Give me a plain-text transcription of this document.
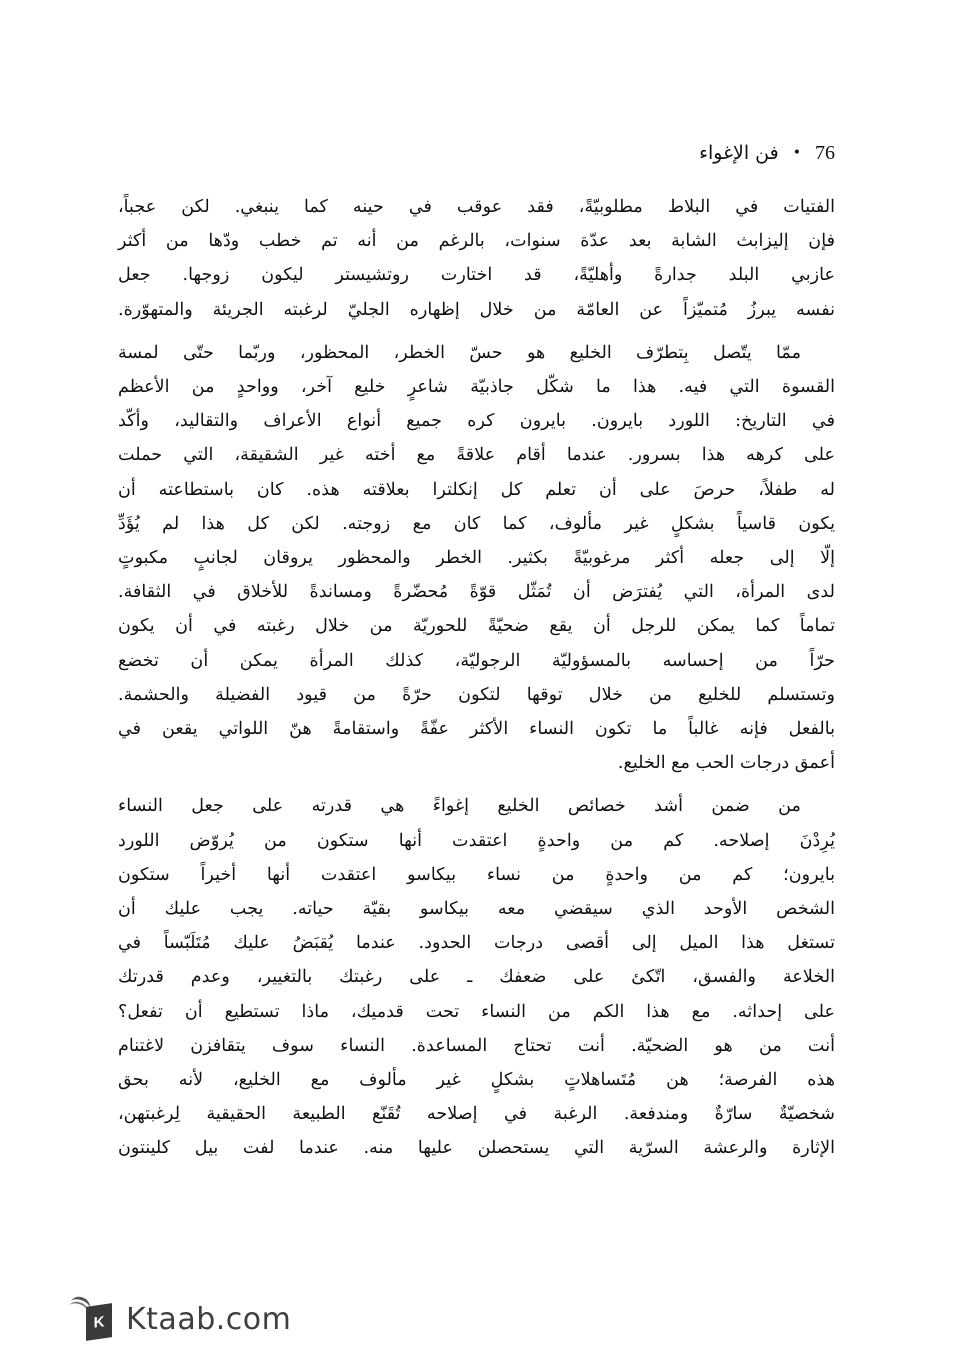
76
•
فن الإغواء

الفتيات في البلاط مطلوبيّةً، فقد عوقب في حينه كما ينبغي. لكن عجباً،
فإن إليزابث الشابة بعد عدّة سنوات، بالرغم من أنه تم خطب ودّها من أكثر
عازبي البلد جدارةً وأهليّةً، قد اختارت روتشيستر ليكون زوجها. جعل
نفسه يبرزُ مُتميّزاً عن العامّة من خلال إظهاره الجليّ لرغبته الجريئة والمتهوّرة.

ممّا يتّصل بِتطرّف الخليع هو حسّ الخطر، المحظور، وربّما حتّى لمسة
القسوة التي فيه. هذا ما شكّل جاذبيّة شاعرٍ خليع آخر، وواحدٍ من الأعظم
في التاريخ: اللورد بايرون. بايرون كره جميع أنواع الأعراف والتقاليد، وأكّد
على كرهه هذا بسرور. عندما أقام علاقةً مع أخته غير الشقيقة، التي حملت
له طفلاً، حرصَ على أن تعلم كل إنكلترا بعلاقته هذه. كان باستطاعته أن
يكون قاسياً بشكلٍ غير مألوف، كما كان مع زوجته. لكن كل هذا لم يُؤَدِّ
إلّا إلى جعله أكثر مرغوبيّةً بكثير. الخطر والمحظور يروقان لجانبٍ مكبوتٍ
لدى المرأة، التي يُفترَض أن تُمَثّل قوّةً مُحضّرةً ومساندةً للأخلاق في الثقافة.
تماماً كما يمكن للرجل أن يقع ضحيّةً للحوريّة من خلال رغبته في أن يكون
حرّاً من إحساسه بالمسؤوليّة الرجوليّة، كذلك المرأة يمكن أن تخضع
وتستسلم للخليع من خلال توقها لتكون حرّةً من قيود الفضيلة والحشمة.
بالفعل فإنه غالباً ما تكون النساء الأكثر عفّةً واستقامةً هنّ اللواتي يقعن في
أعمق درجات الحب مع الخليع.

من ضمن أشد خصائص الخليع إغواءً هي قدرته على جعل النساء
يُرِدْنَ إصلاحه. كم من واحدةٍ اعتقدت أنها ستكون من يُروّض اللورد
بايرون؛ كم من واحدةٍ من نساء بيكاسو اعتقدت أنها أخيراً ستكون
الشخص الأوحد الذي سيقضي معه بيكاسو بقيّة حياته. يجب عليك أن
تستغل هذا الميل إلى أقصى درجات الحدود. عندما يُقبَضُ عليك مُتَلَبّساً في
الخلاعة والفسق، اتّكئ على ضعفك ـ على رغبتك بالتغيير، وعدم قدرتك
على إحداثه. مع هذا الكم من النساء تحت قدميك، ماذا تستطيع أن تفعل؟
أنت من هو الضحيّة. أنت تحتاج المساعدة. النساء سوف يتقافزن لاغتنام
هذه الفرصة؛ هن مُتَساهلاتٍ بشكلٍ غير مألوف مع الخليع، لأنه بحق
شخصيّةٌ سارّةٌ ومندفعة. الرغبة في إصلاحه تُقَنّع الطبيعة الحقيقية لِرغبتهن،
الإثارة والرعشة السرّية التي يستحصلن عليها منه. عندما لفت بيل كلينتون

K Ktaab.com
